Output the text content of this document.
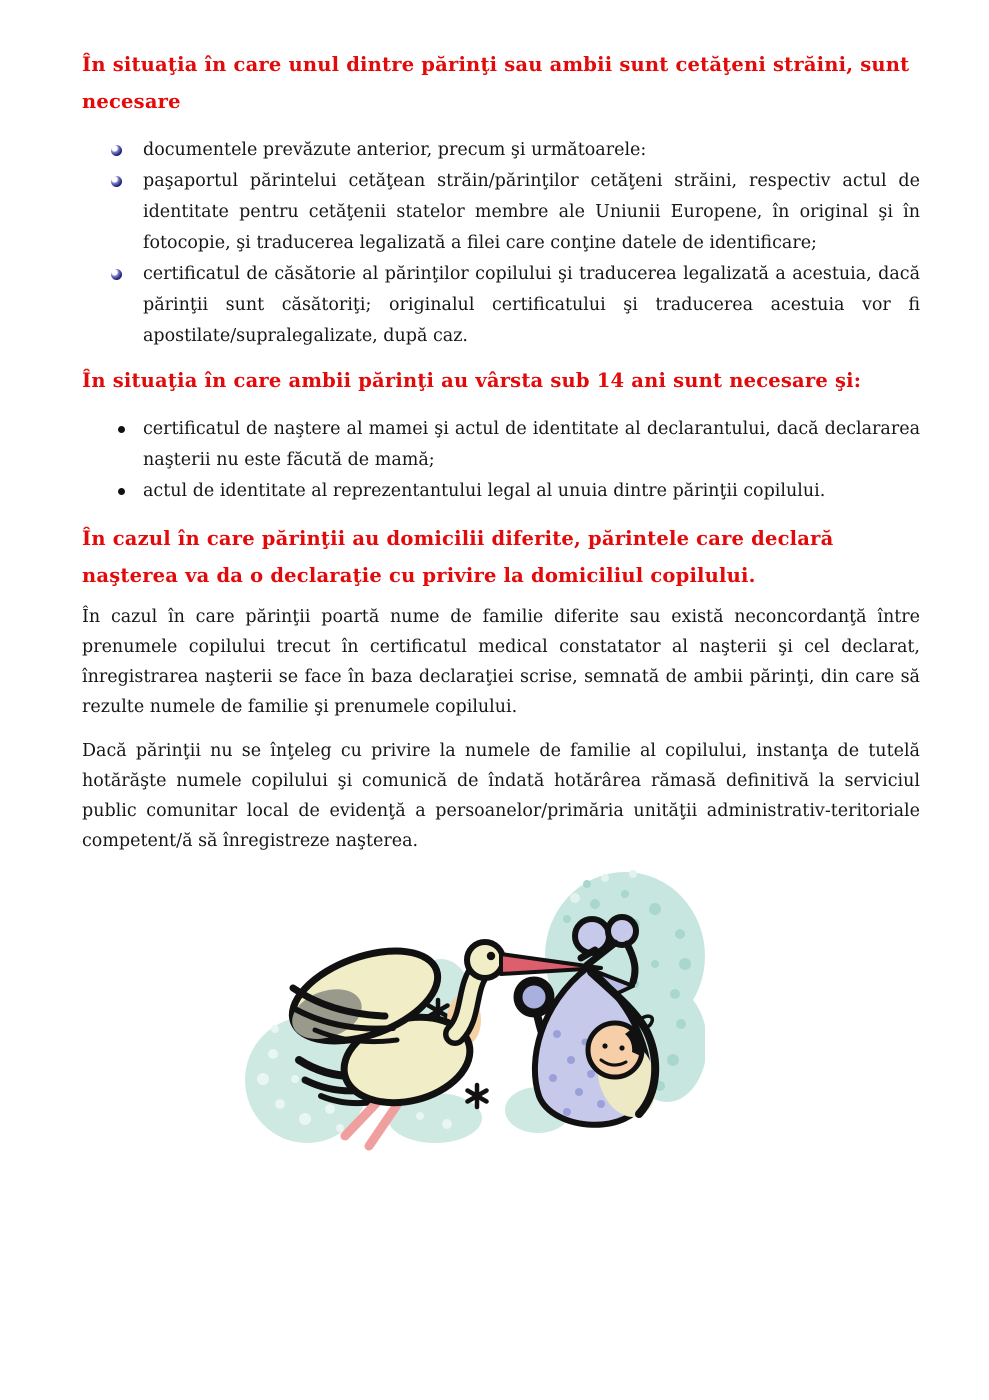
În situaţia în care unul dintre părinţi sau ambii sunt cetăţeni străini, sunt necesare
documentele prevăzute anterior, precum şi următoarele:
paşaportul părintelui cetăţean străin/părinţilor cetăţeni străini, respectiv actul de identitate pentru cetăţenii statelor membre ale Uniunii Europene, în original şi în fotocopie, şi traducerea legalizată a filei care conţine datele de identificare;
certificatul de căsătorie al părinţilor copilului şi traducerea legalizată a acestuia, dacă părinţii sunt căsătoriţi; originalul certificatului şi traducerea acestuia vor fi apostilate/supralegalizate, după caz.
În situaţia în care ambii părinţi au vârsta sub 14 ani sunt necesare şi:
certificatul de naştere al mamei şi actul de identitate al declarantului, dacă declararea naşterii nu este făcută de mamă;
actul de identitate al reprezentantului legal al unuia dintre părinţii copilului.
În cazul în care părinţii au domicilii diferite, părintele care declară naşterea va da o declaraţie cu privire la domiciliul copilului.

În cazul în care părinţii poartă nume de familie diferite sau există neconcordanţă între prenumele copilului trecut în certificatul medical constatator al naşterii şi cel declarat, înregistrarea naşterii se face în baza declaraţiei scrise, semnată de ambii părinţi, din care să rezulte numele de familie şi prenumele copilului.

Dacă părinţii nu se înţeleg cu privire la numele de familie al copilului, instanţa de tutelă hotărăşte numele copilului şi comunică de îndată hotărârea rămasă definitivă la serviciul public comunitar local de evidenţă a persoanelor/primăria unităţii administrativ-teritoriale competent/ă să înregistreze naşterea.
